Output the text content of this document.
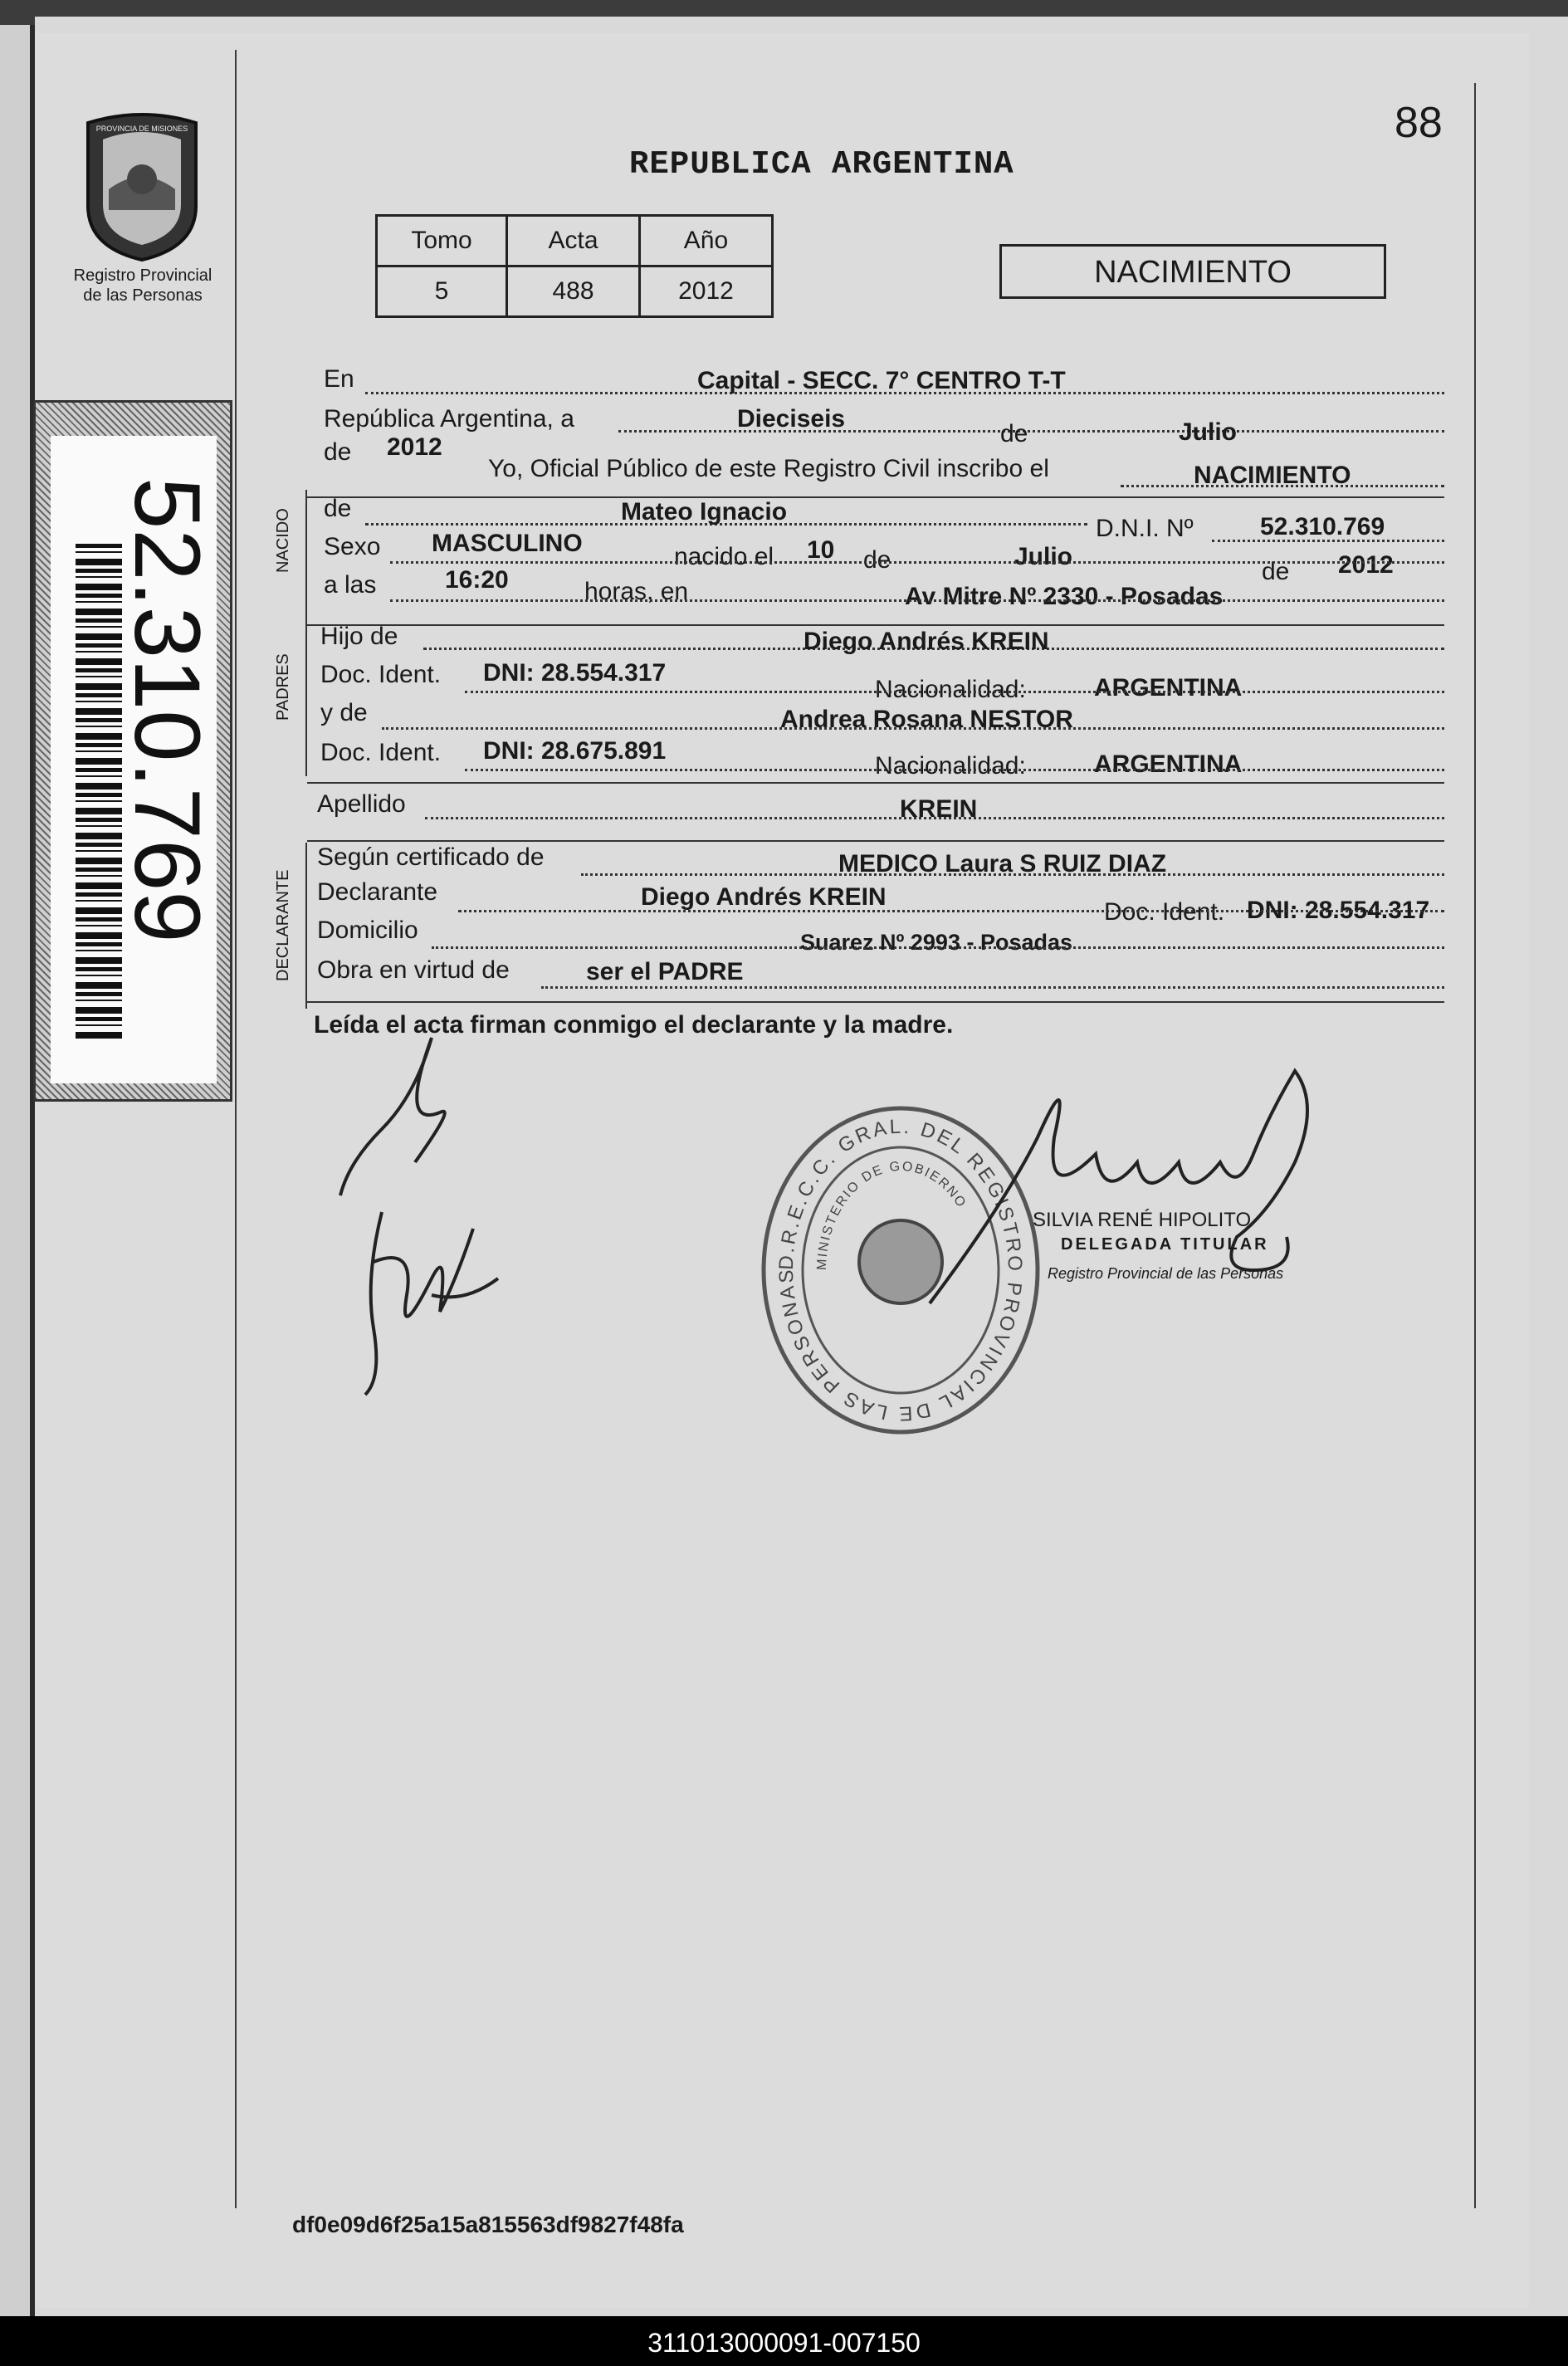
88
REPUBLICA ARGENTINA
PROVINCIA DE MISIONES
Registro Provincial
de las Personas
Tomo	Acta	Año
5	488	2012
NACIMIENTO
52.310.769	NACIDO
PADRES
DECLARANTE
En	Capital - SECC. 7° CENTRO T-T
República Argentina, a	Dieciseis
de	Julio
de 2012
Yo, Oficial Público de este Registro Civil inscribo el	NACIMIENTO
de	Mateo Ignacio
D.N.I. Nº	52.310.769
Sexo MASCULINO	nacido el 10 de	Julio
de 2012
a las	16:20	horas, en	Av Mitre Nº 2330 - Posadas
Hijo de	Diego Andrés KREIN
Doc. Ident. DNI: 28.554.317
Nacionalidad:	ARGENTINA
y de	Andrea Rosana NESTOR
Doc. Ident. DNI: 28.675.891
Nacionalidad:	ARGENTINA
Apellido	KREIN
Según certificado de	MEDICO Laura S RUIZ DIAZ
Declarante	Diego Andrés KREIN
Doc. Ident. DNI: 28.554.317
Domicilio	Suarez Nº 2993 - Posadas
Obra en virtud de	ser el PADRE
Leída el acta firman conmigo el declarante y la madre.
D.R.E.C.C. GRAL. DEL REGISTRO PROVINCIAL DE LAS PERSONAS
MINISTERIO DE GOBIERNO
SILVIA RENÉ HIPOLITO
DELEGADA TITULAR
Registro Provincial de las Personas
df0e09d6f25a15a815563df9827f48fa
311013000091-007150
